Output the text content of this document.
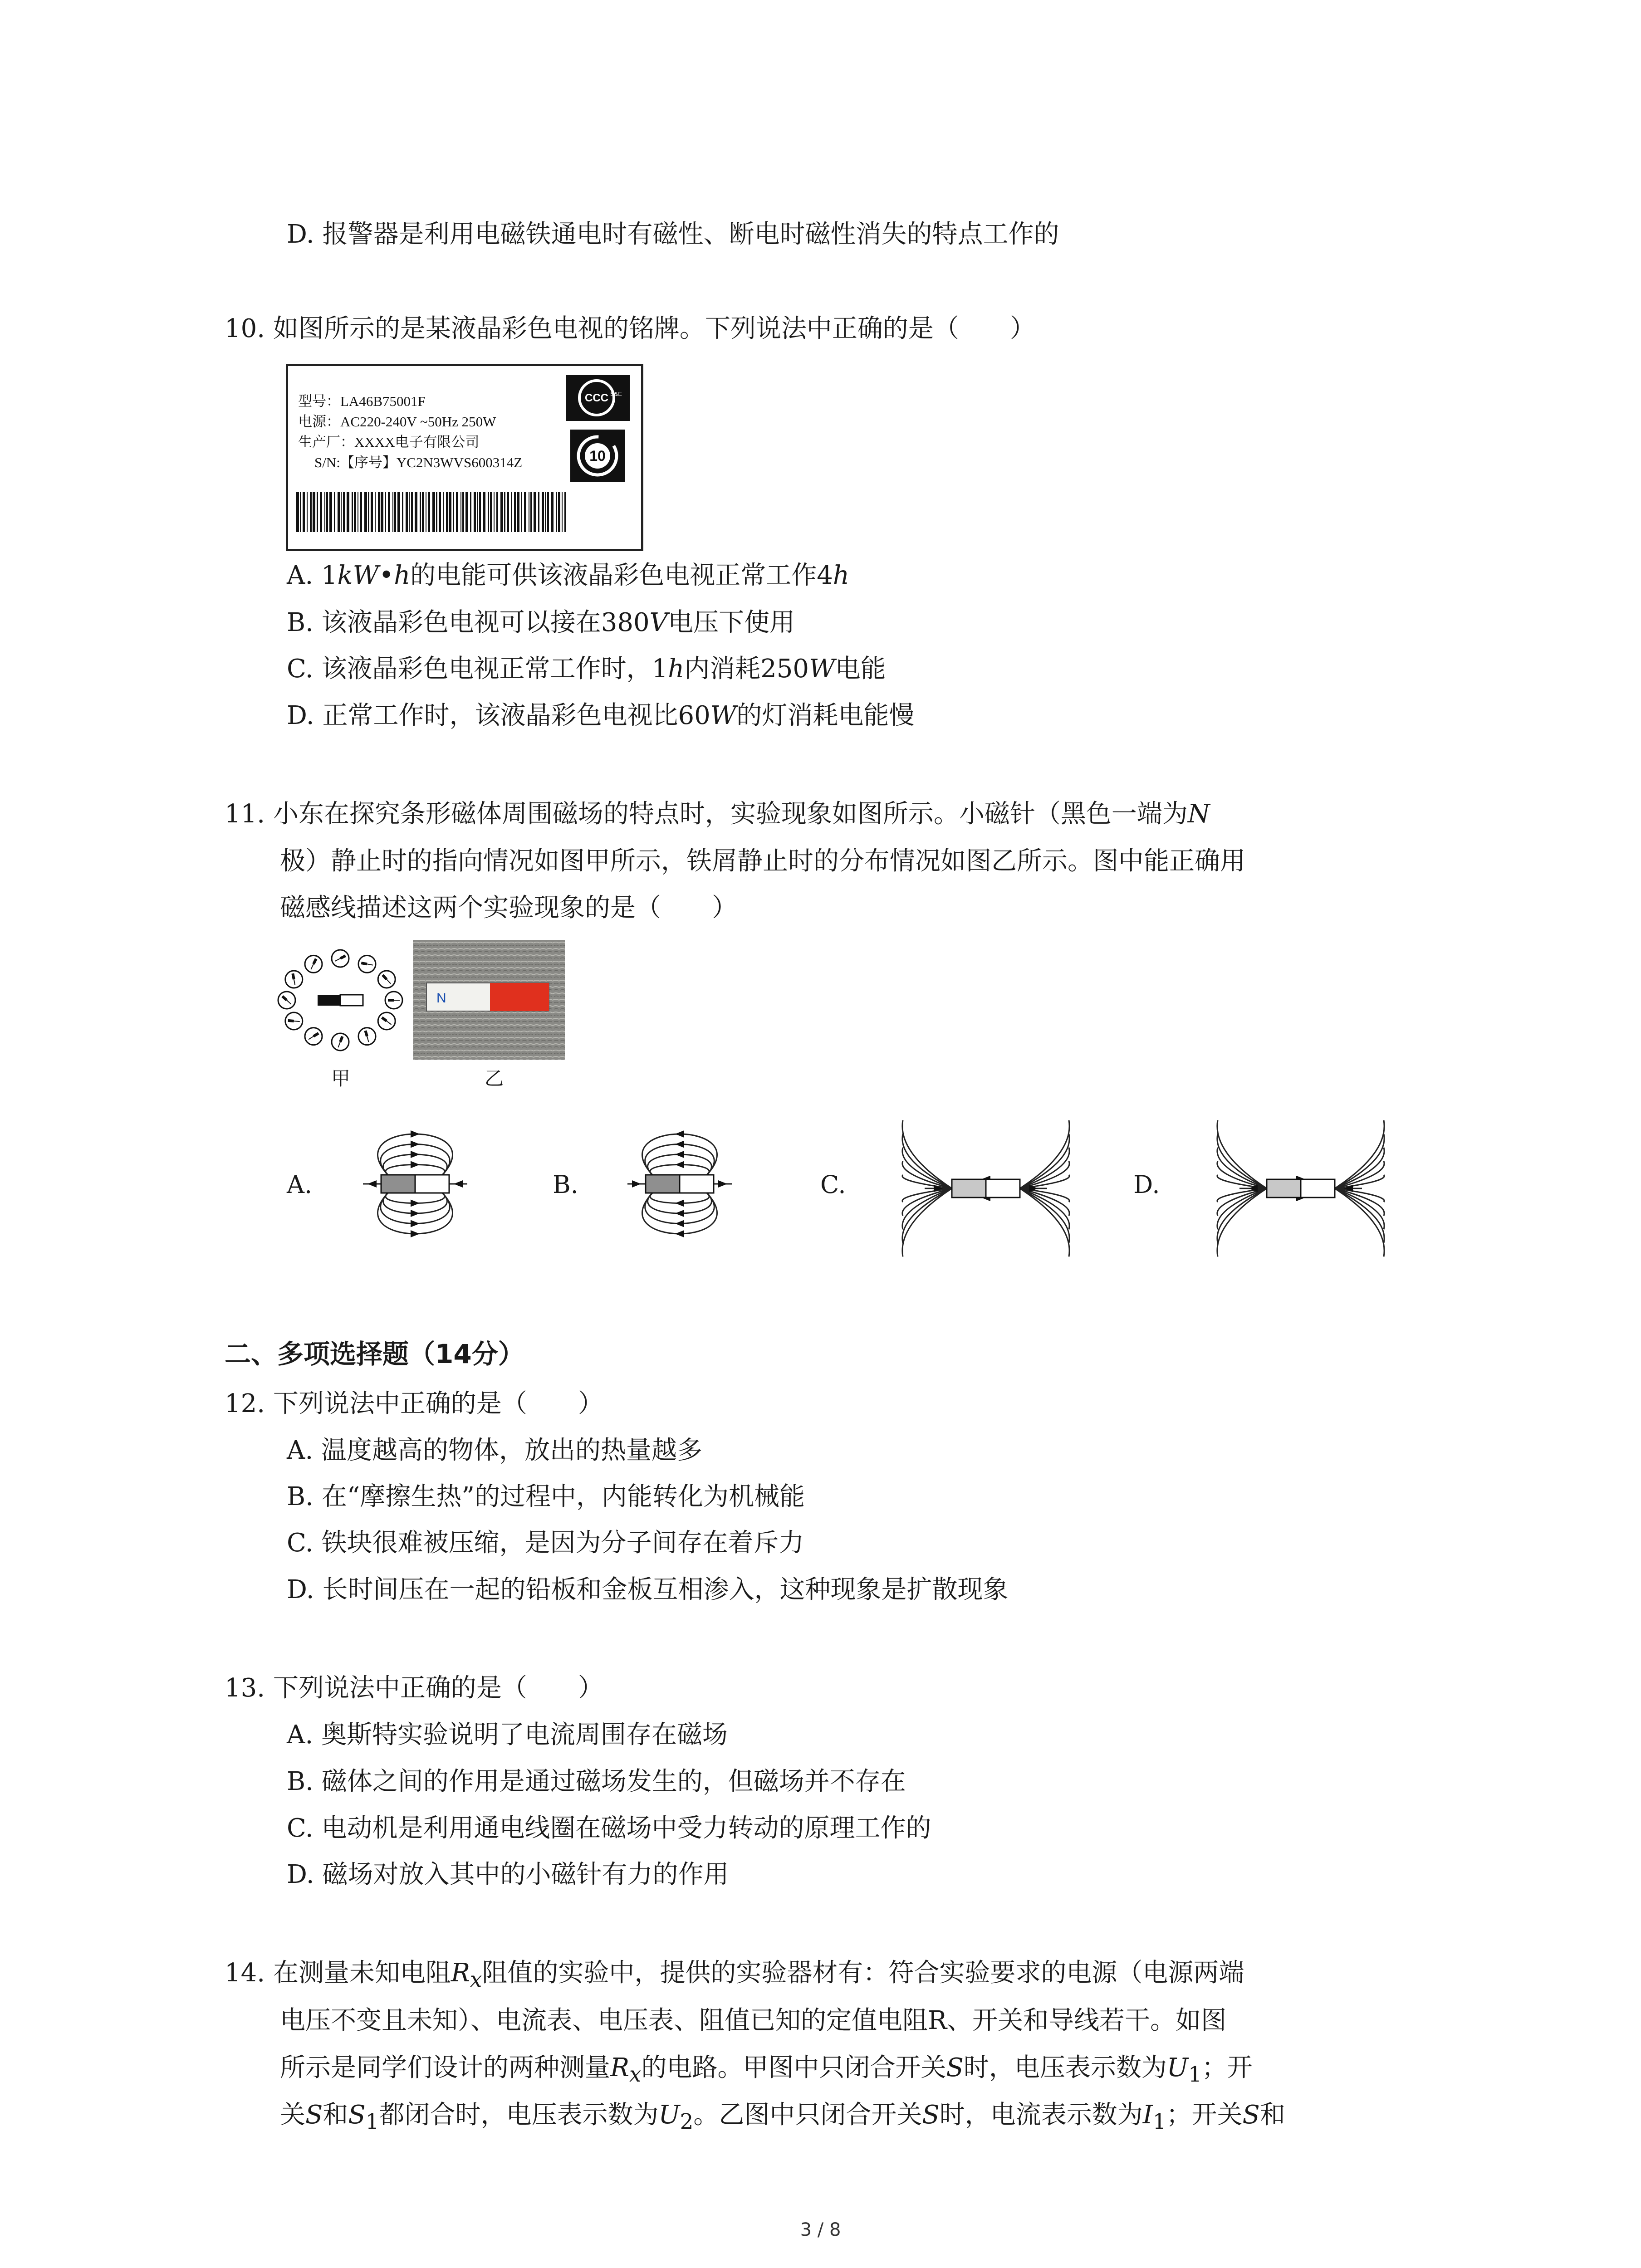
D. 报警器是利用电磁铁通电时有磁性、断电时磁性消失的特点工作的
10. 如图所示的是某液晶彩色电视的铭牌。下列说法中正确的是（　　）
型号：LA46B75001F
电源：AC220-240V ~50Hz 250W
生产厂：XXXX电子有限公司
S/N:【序号】YC2N3WVS600314Z
CCC S&E
10
A. 1kW•h的电能可供该液晶彩色电视正常工作4h
B. 该液晶彩色电视可以接在380V电压下使用
C. 该液晶彩色电视正常工作时，1h内消耗250W电能
D. 正常工作时，该液晶彩色电视比60W的灯消耗电能慢
11. 小东在探究条形磁体周围磁场的特点时，实验现象如图所示。小磁针（黑色一端为N
极）静止时的指向情况如图甲所示，铁屑静止时的分布情况如图乙所示。图中能正确用
磁感线描述这两个实验现象的是（　　）
甲
N
乙
A.	B.	C.	D.
二、多项选择题（14分）
12. 下列说法中正确的是（　　）
A. 温度越高的物体，放出的热量越多
B. 在“摩擦生热”的过程中，内能转化为机械能
C. 铁块很难被压缩，是因为分子间存在着斥力
D. 长时间压在一起的铅板和金板互相渗入，这种现象是扩散现象
13. 下列说法中正确的是（　　）
A. 奥斯特实验说明了电流周围存在磁场
B. 磁体之间的作用是通过磁场发生的，但磁场并不存在
C. 电动机是利用通电线圈在磁场中受力转动的原理工作的
D. 磁场对放入其中的小磁针有力的作用
14. 在测量未知电阻$R_x$阻值的实验中，提供的实验器材有：符合实验要求的电源（电源两端
电压不变且未知）、电流表、电压表、阻值已知的定值电阻R、开关和导线若干。如图
所示是同学们设计的两种测量$R_x$的电路。甲图中只闭合开关S时，电压表示数为$U_1$；开
关S和$S_1$都闭合时，电压表示数为$U_2$。乙图中只闭合开关S时，电流表示数为$I_1$；开关S和
3 / 8
